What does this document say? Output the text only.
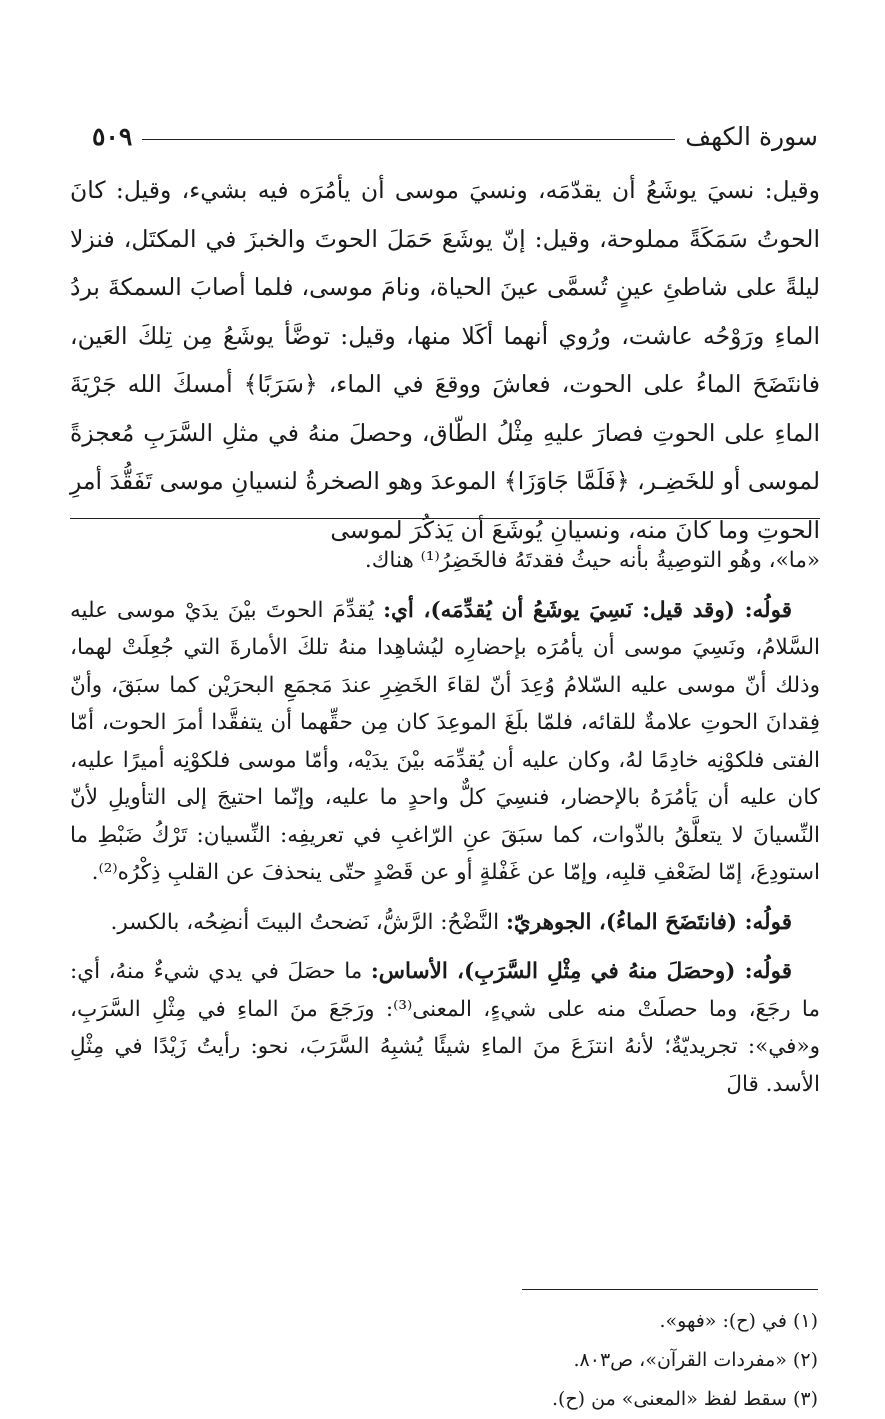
سورة الكهف
٥٠٩

وقيل: نسيَ يوشَعُ أن يقدّمَه، ونسيَ موسى أن يأمُرَه فيه بشيء، وقيل: كانَ الحوتُ سَمَكَةً مملوحة، وقيل: إنّ يوشَعَ حَمَلَ الحوتَ والخبزَ في المكتَل، فنزلا ليلةً على شاطئِ عينٍ تُسمَّى عينَ الحياة، ونامَ موسى، فلما أصابَ السمكةَ بردُ الماءِ ورَوْحُه عاشت، ورُوي أنهما أكَلا منها، وقيل: توضَّأ يوشَعُ مِن تِلكَ العَين، فانتَضَحَ الماءُ على الحوت، فعاشَ ووقعَ في الماء، ﴿سَرَبًا﴾ أمسكَ الله جَرْيَةَ الماءِ على الحوتِ فصارَ عليهِ مِثْلُ الطّاق، وحصلَ منهُ في مثلِ السَّرَبِ مُعجزةً لموسى أو للخَضِـر، ﴿فَلَمَّا جَاوَزَا﴾ الموعدَ وهو الصخرةُ لنسيانِ موسى تَفَقُّدَ أمرِ الحوتِ وما كانَ منه، ونسيانِ يُوشَعَ أن يَذكُرَ لموسى

«ما»، وهُو التوصِيةُ بأنه حيثُ فقدتَهُ فالخَضِرُ⁽¹⁾ هناك.

قولُه: (وقد قيل: نَسِيَ يوشَعُ أن يُقدِّمَه)، أي: يُقدِّمَ الحوتَ بيْنَ يدَيْ موسى عليه السَّلامُ، ونَسِيَ موسى أن يأمُرَه بإحضارِه ليُشاهِدا منهُ تلكَ الأمارةَ التي جُعِلَتْ لهما، وذلك أنّ موسى عليه السّلامُ وُعِدَ أنّ لقاءَ الخَضِرِ عندَ مَجمَعِ البحرَيْن كما سبَقَ، وأنّ فِقدانَ الحوتِ علامةٌ للقائه، فلمّا بلَغَ الموعِدَ كان مِن حقِّهما أن يتفقَّدا أمرَ الحوت، أمّا الفتى فلكوْنِه خادِمًا لهُ، وكان عليه أن يُقدِّمَه بيْنَ يدَيْه، وأمّا موسى فلكوْنِه أميرًا عليه، كان عليه أن يَأمُرَهُ بالإحضار، فنسِيَ كلٌّ واحدٍ ما عليه، وإنّما احتيجَ إلى التأويلِ لأنّ النِّسيانَ لا يتعلَّقُ بالذّوات، كما سبَقَ عنِ الرّاغبِ في تعريفِه: النِّسيان: تَرْكُ ضَبْطِ ما استودِعَ، إمّا لضَعْفِ قلبِه، وإمّا عن غَفْلةٍ أو عن قَصْدٍ حتّى ينحذفَ عن القلبِ ذِكْرُه⁽²⁾.

قولُه: (فانتَضَحَ الماءُ)، الجوهريّ: النَّضْحُ: الرَّشُّ، نَضحتُ البيتَ أنضِحُه، بالكسر.

قولُه: (وحصَلَ منهُ في مِثْلِ السَّرَبِ)، الأساس: ما حصَلَ في يدي شيءٌ منهُ، أي: ما رجَعَ، وما حصلَتْ منه على شيءٍ، المعنى⁽³⁾: ورَجَعَ منَ الماءِ في مِثْلِ السَّرَبِ، و«في»: تجريديّةٌ؛ لأنهُ انتزَعَ منَ الماءِ شيئًا يُشبِهُ السَّرَبَ، نحو: رأيتُ زَيْدًا في مِثْلِ الأسد. قالَ

(١) في (ح): «فهو».
(٢) «مفردات القرآن»، ص٨٠٣.
(٣) سقط لفظ «المعنى» من (ح).
